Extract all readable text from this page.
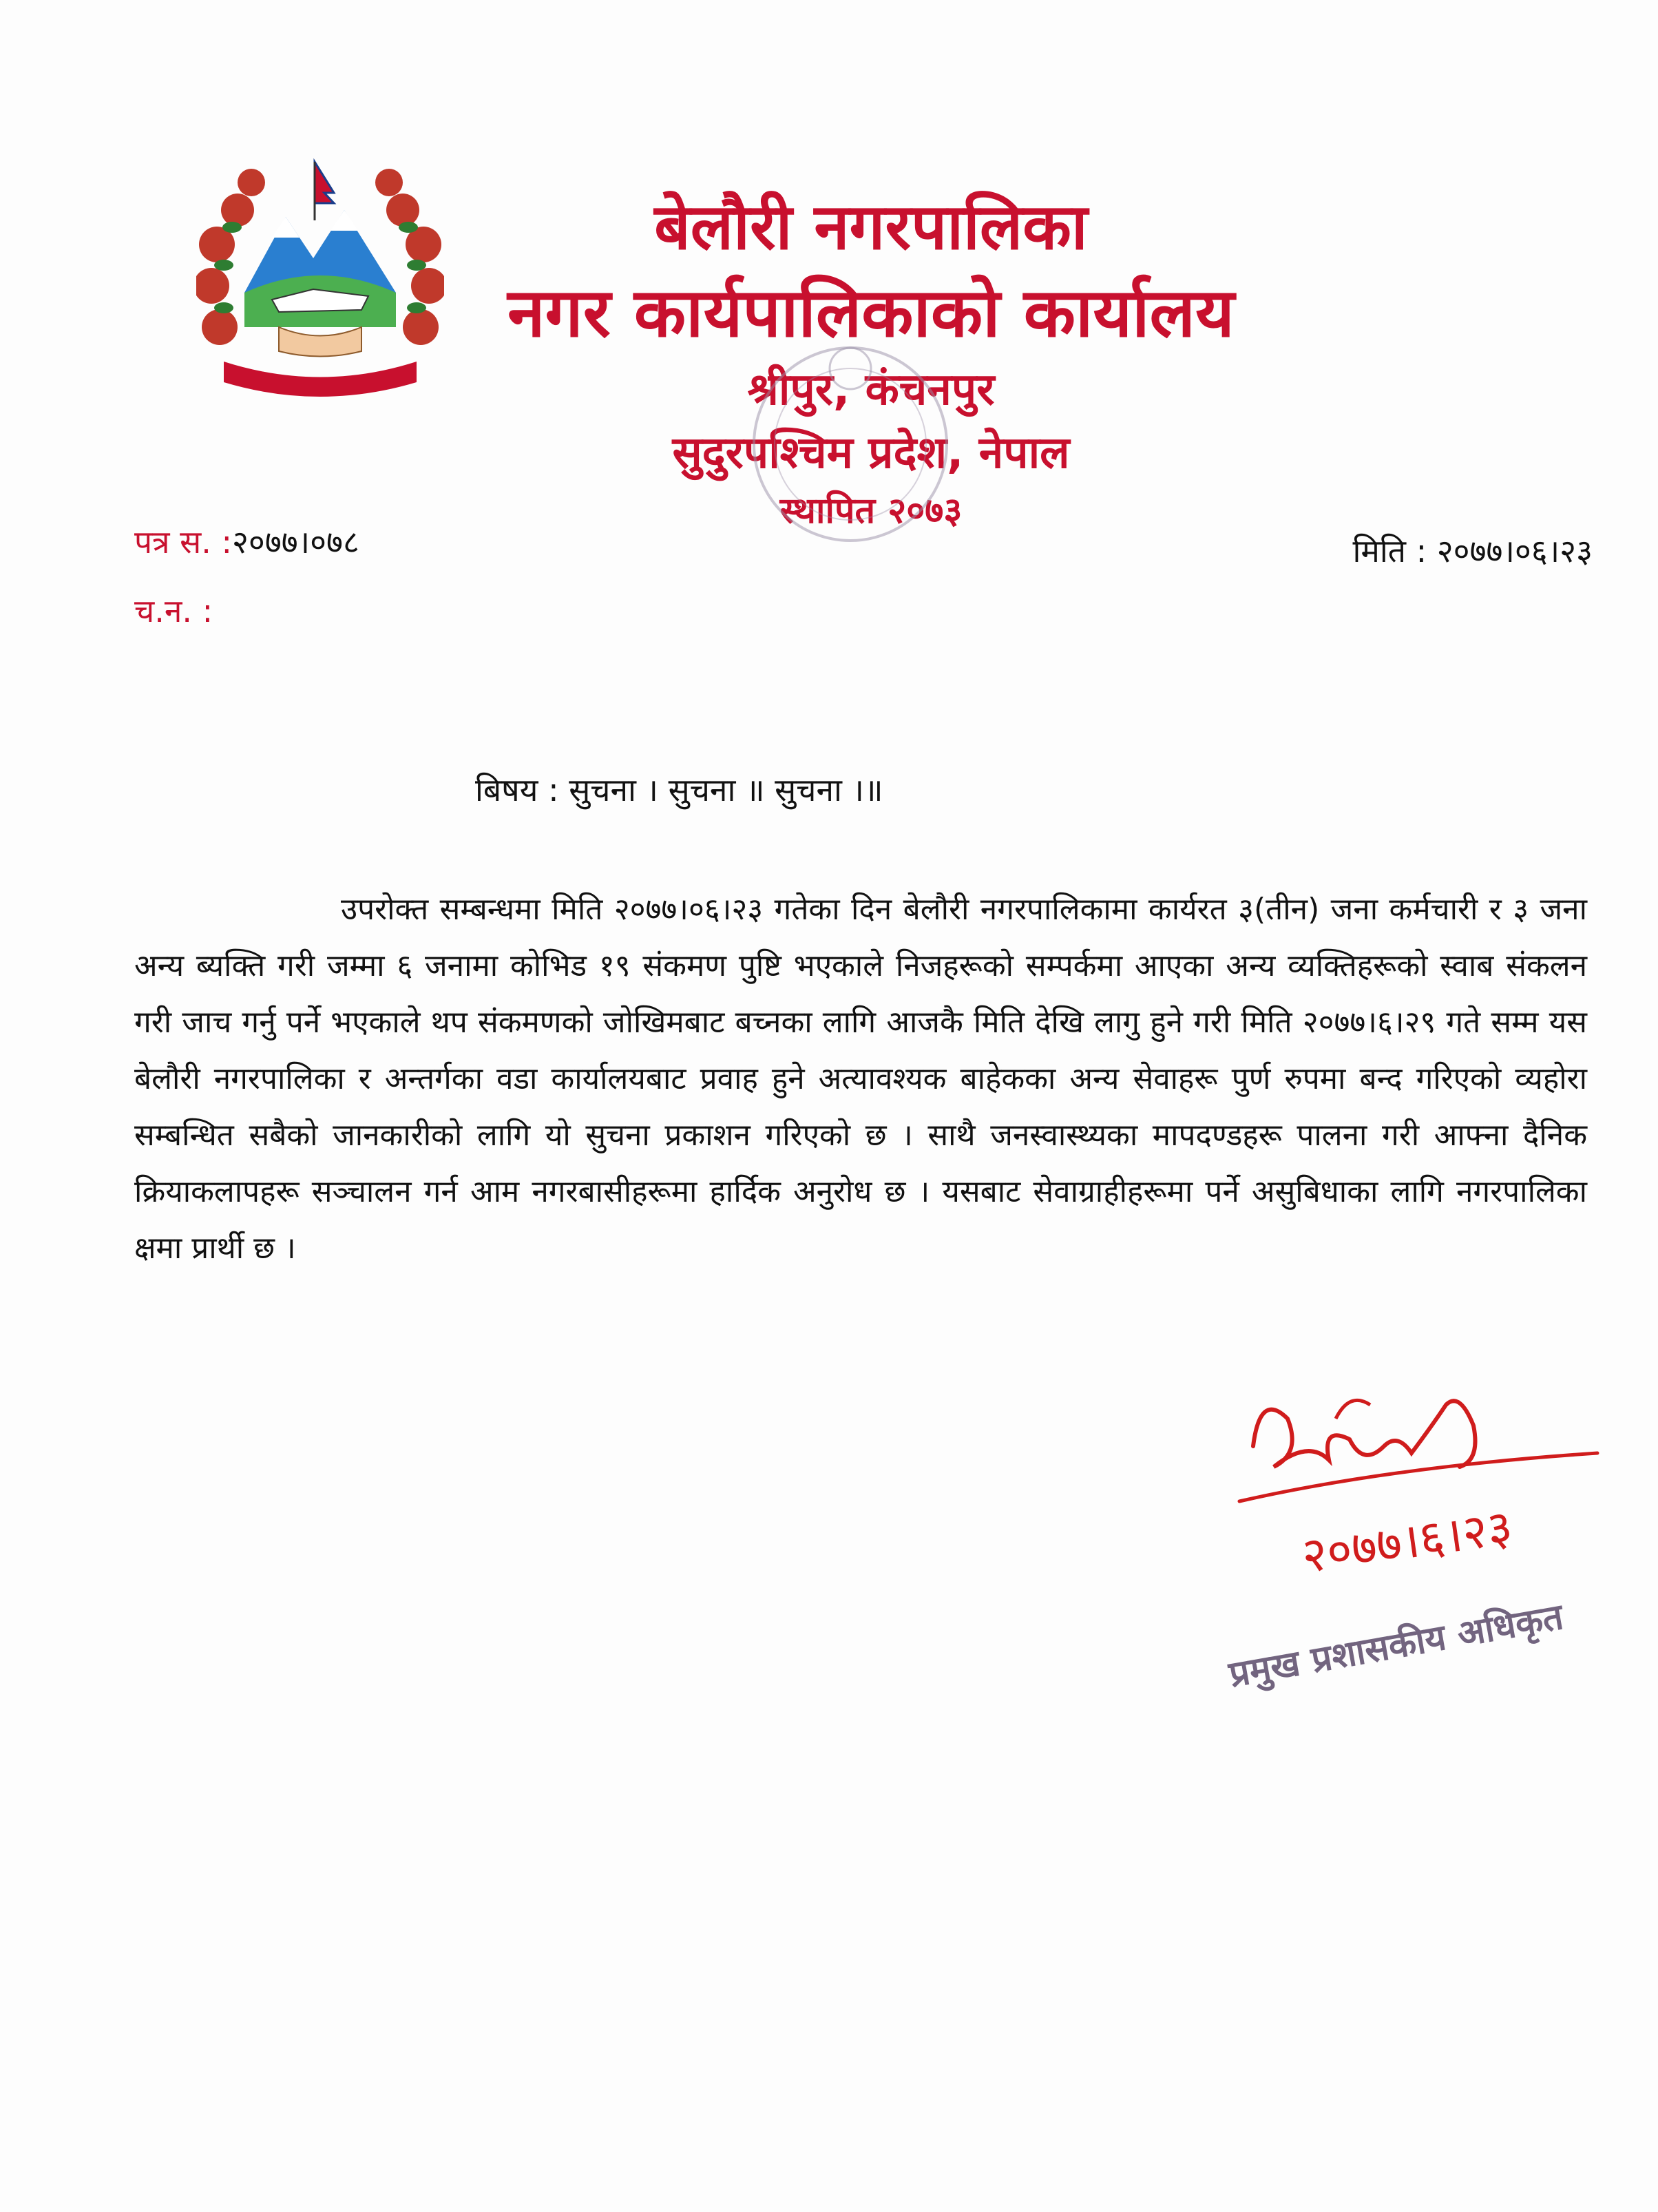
बेलौरी नगरपालिका
नगर कार्यपालिकाको कार्यालय
श्रीपुर, कंचनपुर
सुदुरपश्चिम प्रदेश, नेपाल
स्थापित २०७३
पत्र स. :२०७७।०७८
च.न. :
मिति : २०७७।०६।२३
बिषय : सुचना । सुचना ॥ सुचना ।॥
उपरोक्त सम्बन्धमा मिति २०७७।०६।२३ गतेका दिन बेलौरी नगरपालिकामा कार्यरत ३(तीन) जना कर्मचारी र ३ जना अन्य ब्यक्ति गरी जम्मा ६ जनामा कोभिड १९ संकमण पुष्टि भएकाले निजहरूको सम्पर्कमा आएका अन्य व्यक्तिहरूको स्वाब संकलन गरी जाच गर्नु पर्ने भएकाले थप संकमणको जोखिमबाट बच्नका लागि आजकै मिति देखि लागु हुने गरी मिति २०७७।६।२९ गते सम्म यस बेलौरी नगरपालिका र अन्तर्गका वडा कार्यालयबाट प्रवाह हुने अत्यावश्यक बाहेकका अन्य सेवाहरू पुर्ण रुपमा बन्द गरिएको व्यहोरा सम्बन्धित सबैको जानकारीको लागि यो सुचना प्रकाशन गरिएको छ । साथै जनस्वास्थ्यका मापदण्डहरू पालना गरी आफ्ना दैनिक क्रियाकलापहरू सञ्चालन गर्न आम नगरबासीहरूमा हार्दिक अनुरोध छ । यसबाट सेवाग्राहीहरूमा पर्ने असुबिधाका लागि नगरपालिका क्षमा प्रार्थी छ ।
२०७७।६।२३
प्रमुख प्रशासकीय अधिकृत
